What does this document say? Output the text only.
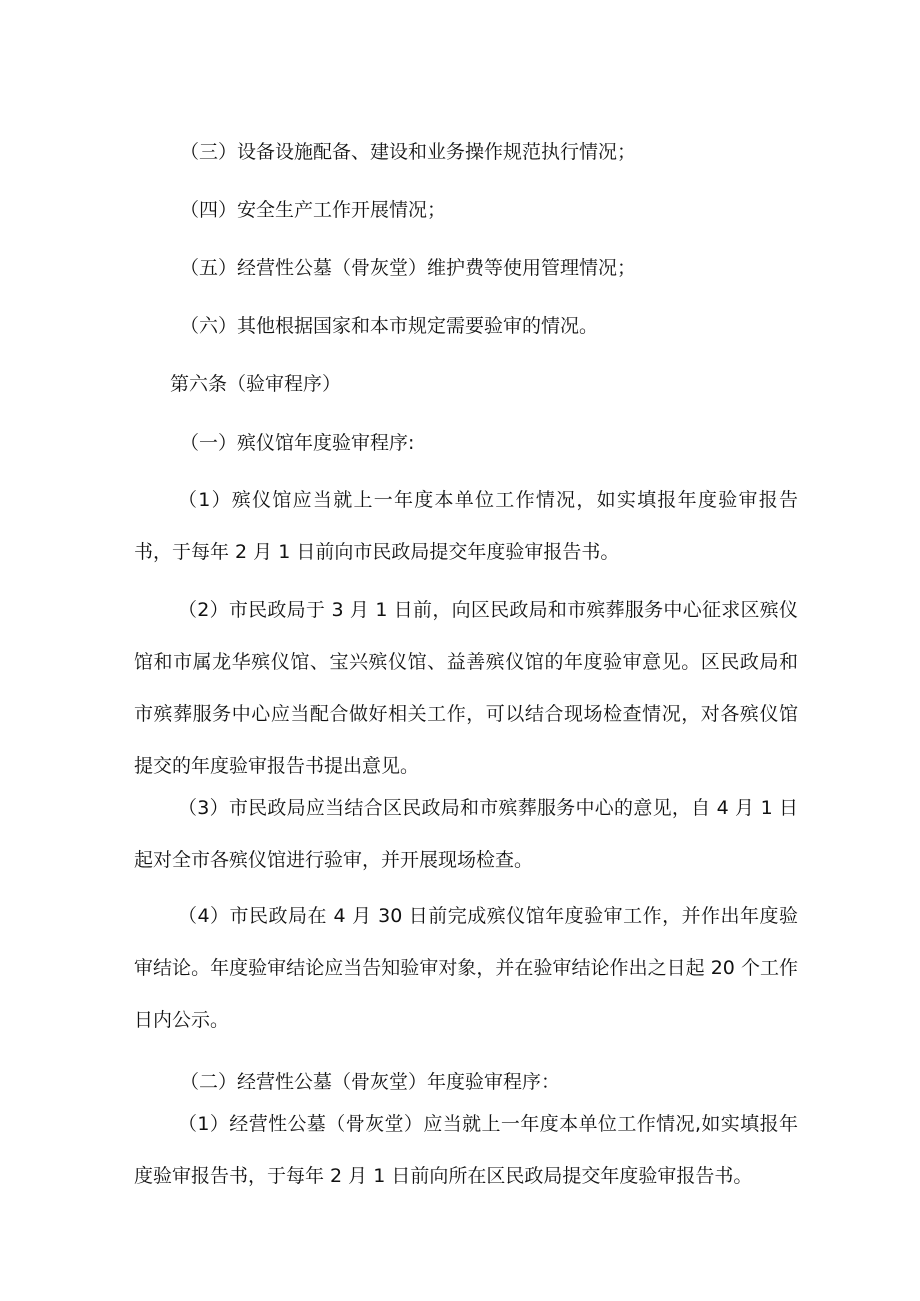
（三）设备设施配备、建设和业务操作规范执行情况；

（四）安全生产工作开展情况；

（五）经营性公墓（骨灰堂）维护费等使用管理情况；

（六）其他根据国家和本市规定需要验审的情况。

第六条（验审程序）

（一）殡仪馆年度验审程序:

（1）殡仪馆应当就上一年度本单位工作情况，如实填报年度验审报告书，于每年 2 月 1 日前向市民政局提交年度验审报告书。

（2）市民政局于 3 月 1 日前，向区民政局和市殡葬服务中心征求区殡仪馆和市属龙华殡仪馆、宝兴殡仪馆、益善殡仪馆的年度验审意见。区民政局和市殡葬服务中心应当配合做好相关工作，可以结合现场检查情况，对各殡仪馆提交的年度验审报告书提出意见。

（3）市民政局应当结合区民政局和市殡葬服务中心的意见，自 4 月 1 日起对全市各殡仪馆进行验审，并开展现场检查。

（4）市民政局在 4 月 30 日前完成殡仪馆年度验审工作，并作出年度验审结论。年度验审结论应当告知验审对象，并在验审结论作出之日起 20 个工作日内公示。

（二）经营性公墓（骨灰堂）年度验审程序：

（1）经营性公墓（骨灰堂）应当就上一年度本单位工作情况,如实填报年度验审报告书，于每年 2 月 1 日前向所在区民政局提交年度验审报告书。
